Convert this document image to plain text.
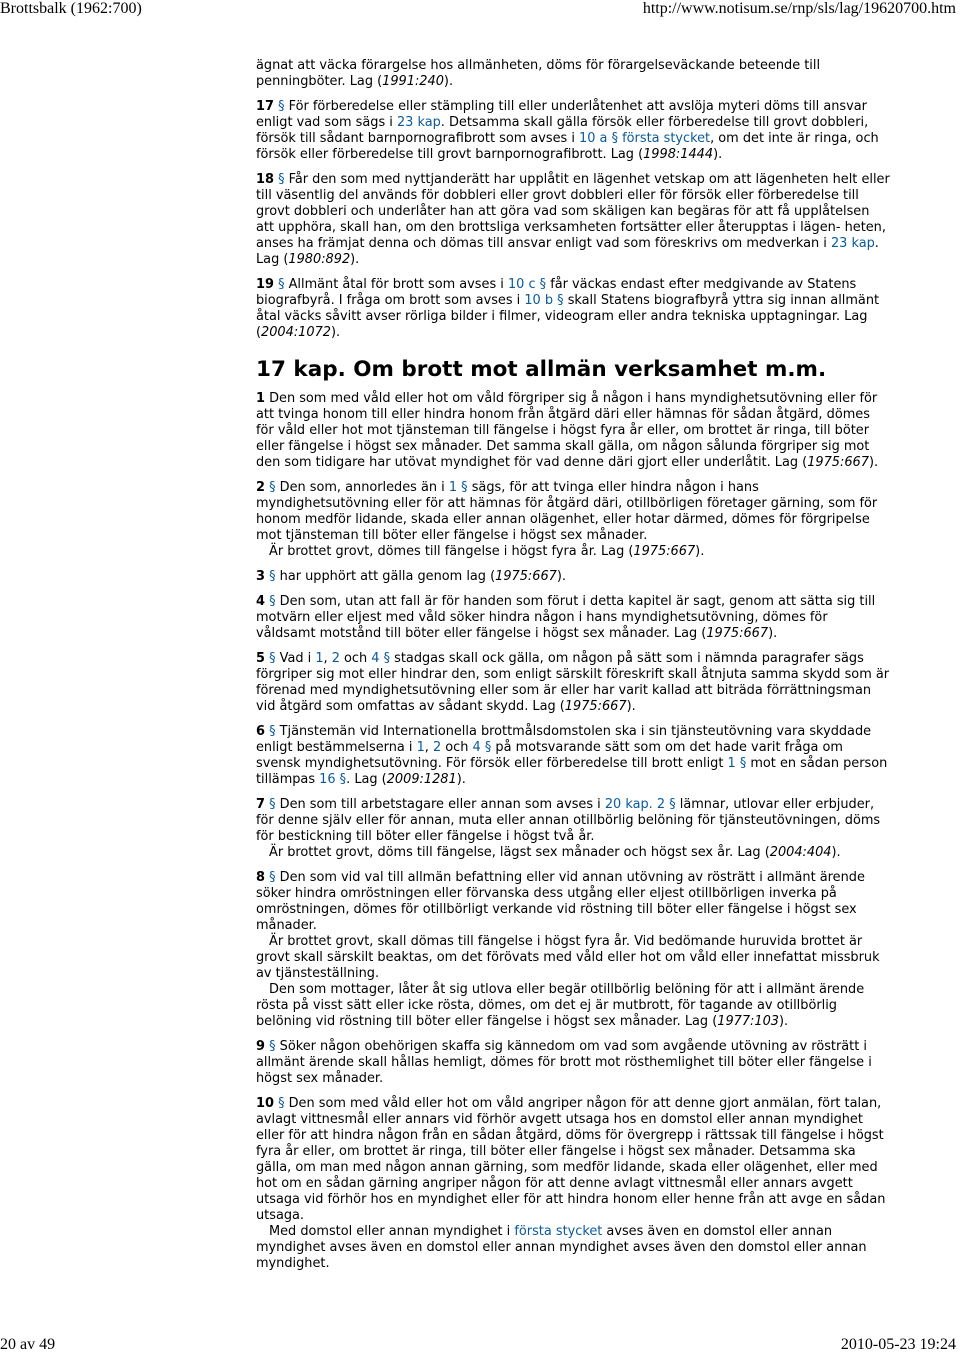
Brottsbalk (1962:700)	http://www.notisum.se/rnp/sls/lag/19620700.htm

ägnat att väcka förargelse hos allmänheten, döms för förargelseväckande beteende till penningböter. Lag (1991:240).

17 § För förberedelse eller stämpling till eller underlåtenhet att avslöja myteri döms till ansvar enligt vad som sägs i 23 kap. Detsamma skall gälla försök eller förberedelse till grovt dobbleri, försök till sådant barnpornografibrott som avses i 10 a § första stycket, om det inte är ringa, och försök eller förberedelse till grovt barnpornografibrott. Lag (1998:1444).

18 § Får den som med nyttjanderätt har upplåtit en lägenhet vetskap om att lägenheten helt eller till väsentlig del används för dobbleri eller grovt dobbleri eller för försök eller förberedelse till grovt dobbleri och underlåter han att göra vad som skäligen kan begäras för att få upplåtelsen att upphöra, skall han, om den brottsliga verksamheten fortsätter eller återupptas i lägen- heten, anses ha främjat denna och dömas till ansvar enligt vad som föreskrivs om medverkan i 23 kap. Lag (1980:892).

19 § Allmänt åtal för brott som avses i 10 c § får väckas endast efter medgivande av Statens biografbyrå. I fråga om brott som avses i 10 b § skall Statens biografbyrå yttra sig innan allmänt åtal väcks såvitt avser rörliga bilder i filmer, videogram eller andra tekniska upptagningar. Lag (2004:1072).

17 kap. Om brott mot allmän verksamhet m.m.

1 Den som med våld eller hot om våld förgriper sig å någon i hans myndighetsutövning eller för att tvinga honom till eller hindra honom från åtgärd däri eller hämnas för sådan åtgärd, dömes för våld eller hot mot tjänsteman till fängelse i högst fyra år eller, om brottet är ringa, till böter eller fängelse i högst sex månader. Det samma skall gälla, om någon sålunda förgriper sig mot den som tidigare har utövat myndighet för vad denne däri gjort eller underlåtit. Lag (1975:667).

2 § Den som, annorledes än i 1 § sägs, för att tvinga eller hindra någon i hans myndighetsutövning eller för att hämnas för åtgärd däri, otillbörligen företager gärning, som för honom medför lidande, skada eller annan olägenhet, eller hotar därmed, dömes för förgripelse mot tjänsteman till böter eller fängelse i högst sex månader.

Är brottet grovt, dömes till fängelse i högst fyra år. Lag (1975:667).

3 § har upphört att gälla genom lag (1975:667).

4 § Den som, utan att fall är för handen som förut i detta kapitel är sagt, genom att sätta sig till motvärn eller eljest med våld söker hindra någon i hans myndighetsutövning, dömes för våldsamt motstånd till böter eller fängelse i högst sex månader. Lag (1975:667).

5 § Vad i 1, 2 och 4 § stadgas skall ock gälla, om någon på sätt som i nämnda paragrafer sägs förgriper sig mot eller hindrar den, som enligt särskilt föreskrift skall åtnjuta samma skydd som är förenad med myndighetsutövning eller som är eller har varit kallad att biträda förrättningsman vid åtgärd som omfattas av sådant skydd. Lag (1975:667).

6 § Tjänstemän vid Internationella brottmålsdomstolen ska i sin tjänsteutövning vara skyddade enligt bestämmelserna i 1, 2 och 4 § på motsvarande sätt som om det hade varit fråga om svensk myndighetsutövning. För försök eller förberedelse till brott enligt 1 § mot en sådan person tillämpas 16 §. Lag (2009:1281).

7 § Den som till arbetstagare eller annan som avses i 20 kap. 2 § lämnar, utlovar eller erbjuder, för denne själv eller för annan, muta eller annan otillbörlig belöning för tjänsteutövningen, döms för bestickning till böter eller fängelse i högst två år.

Är brottet grovt, döms till fängelse, lägst sex månader och högst sex år. Lag (2004:404).

8 § Den som vid val till allmän befattning eller vid annan utövning av rösträtt i allmänt ärende söker hindra omröstningen eller förvanska dess utgång eller eljest otillbörligen inverka på omröstningen, dömes för otillbörligt verkande vid röstning till böter eller fängelse i högst sex månader.

Är brottet grovt, skall dömas till fängelse i högst fyra år. Vid bedömande huruvida brottet är grovt skall särskilt beaktas, om det förövats med våld eller hot om våld eller innefattat missbruk av tjänsteställning.

Den som mottager, låter åt sig utlova eller begär otillbörlig belöning för att i allmänt ärende rösta på visst sätt eller icke rösta, dömes, om det ej är mutbrott, för tagande av otillbörlig belöning vid röstning till böter eller fängelse i högst sex månader. Lag (1977:103).

9 § Söker någon obehörigen skaffa sig kännedom om vad som avgående utövning av rösträtt i allmänt ärende skall hållas hemligt, dömes för brott mot rösthemlighet till böter eller fängelse i högst sex månader.

10 § Den som med våld eller hot om våld angriper någon för att denne gjort anmälan, fört talan, avlagt vittnesmål eller annars vid förhör avgett utsaga hos en domstol eller annan myndighet eller för att hindra någon från en sådan åtgärd, döms för övergrepp i rättssak till fängelse i högst fyra år eller, om brottet är ringa, till böter eller fängelse i högst sex månader. Detsamma ska gälla, om man med någon annan gärning, som medför lidande, skada eller olägenhet, eller med hot om en sådan gärning angriper någon för att denne avlagt vittnesmål eller annars avgett utsaga vid förhör hos en myndighet eller för att hindra honom eller henne från att avge en sådan utsaga.

Med domstol eller annan myndighet i första stycket avses även en domstol eller annan myndighet avses även en domstol eller annan myndighet avses även den domstol eller annan myndighet.

20 av 49	2010-05-23 19:24
